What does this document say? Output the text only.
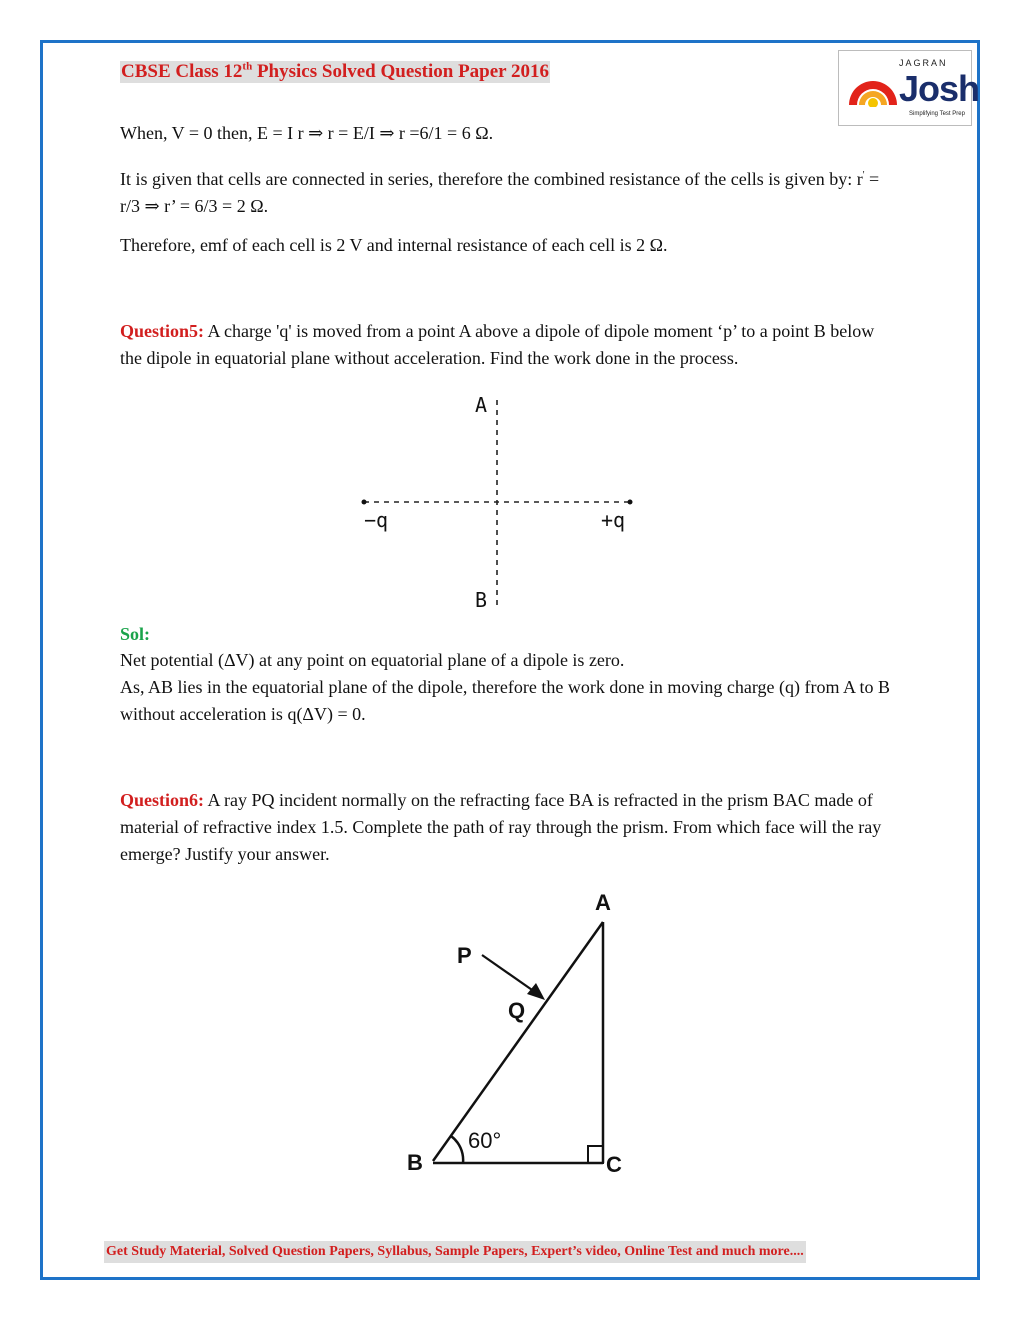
CBSE Class 12th Physics Solved Question Paper 2016	JAGRAN
Josh
Simplifying Test Prep
When, V = 0 then, E = I r ⇒ r = E/I ⇒ r =6/1 = 6 Ω.
It is given that cells are connected in series, therefore the combined resistance of the cells is given by: r' = r/3 ⇒ r’ = 6/3 = 2 Ω.
Therefore, emf of each cell is 2 V and internal resistance of each cell is 2 Ω.
Question5: A charge 'q' is moved from a point A above a dipole of dipole moment ‘p’ to a point B below the dipole in equatorial plane without acceleration. Find the work done in the process.
A
B
−q	+q
Sol:
Net potential (ΔV) at any point on equatorial plane of a dipole is zero.
As, AB lies in the equatorial plane of the dipole, therefore the work done in moving charge (q) from A to B without acceleration is q(ΔV) = 0.
Question6: A ray PQ incident normally on the refracting face BA is refracted in the prism BAC made of material of refractive index 1.5. Complete the path of ray through the prism. From which face will the ray emerge? Justify your answer.
A
B	C
P
Q
60°
Get Study Material, Solved Question Papers, Syllabus, Sample Papers, Expert’s video, Online Test and much more....
